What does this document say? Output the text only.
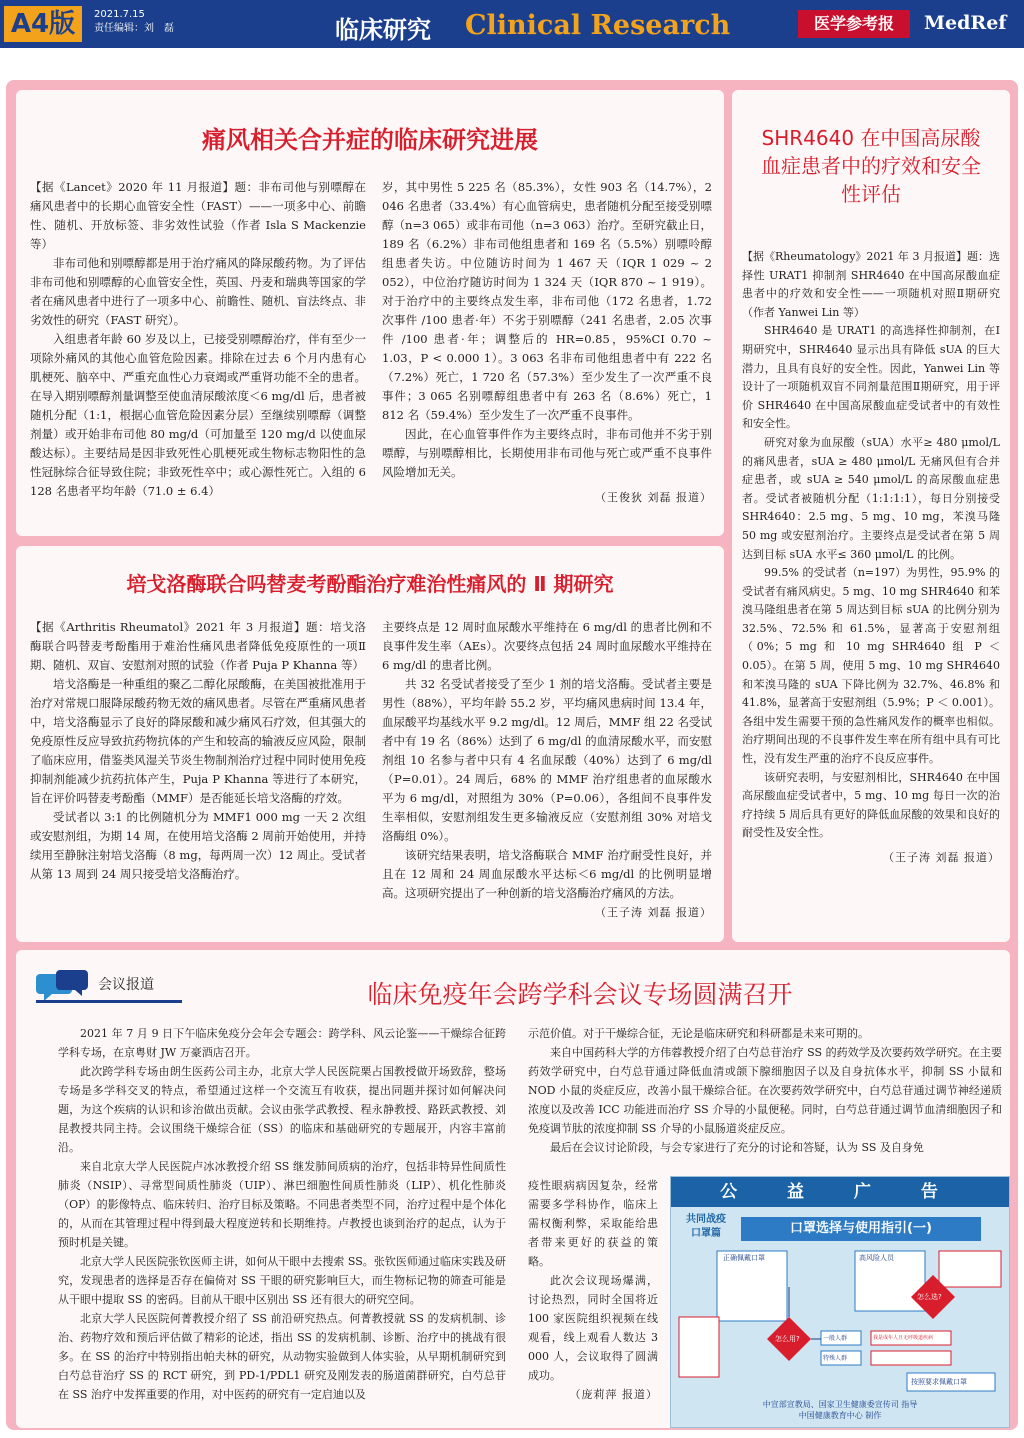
A4版	2021.7.15
责任编辑：刘　磊	临床研究 Clinical Research	医学参考报	MedRef
痛风相关合并症的临床研究进展

【据《Lancet》2020 年 11 月报道】题：非布司他与别嘌醇在痛风患者中的长期心血管安全性（FAST）——一项多中心、前瞻性、随机、开放标签、非劣效性试验（作者 Isla S Mackenzie 等）

非布司他和别嘌醇都是用于治疗痛风的降尿酸药物。为了评估非布司他和别嘌醇的心血管安全性，英国、丹麦和瑞典等国家的学者在痛风患者中进行了一项多中心、前瞻性、随机、盲法终点、非劣效性的研究（FAST 研究）。

入组患者年龄 60 岁及以上，已接受别嘌醇治疗，伴有至少一项除外痛风的其他心血管危险因素。排除在过去 6 个月内患有心肌梗死、脑卒中、严重充血性心力衰竭或严重肾功能不全的患者。在导入期别嘌醇剂量调整至使血清尿酸浓度＜6 mg/dl 后，患者被随机分配（1:1，根据心血管危险因素分层）至继续别嘌醇（调整剂量）或开始非布司他 80 mg/d（可加量至 120 mg/d 以使血尿酸达标）。主要结局是因非致死性心肌梗死或生物标志物阳性的急性冠脉综合征导致住院；非致死性卒中；或心源性死亡。入组的 6 128 名患者平均年龄（71.0 ± 6.4）

岁，其中男性 5 225 名（85.3%），女性 903 名（14.7%），2 046 名患者（33.4%）有心血管病史，患者随机分配至接受别嘌醇（n=3 065）或非布司他（n=3 063）治疗。至研究截止日，189 名（6.2%）非布司他组患者和 169 名（5.5%）别嘌呤醇组患者失访。中位随访时间为 1 467 天（IQR 1 029 ~ 2 052），中位治疗随访时间为 1 324 天（IQR 870 ~ 1 919）。对于治疗中的主要终点发生率，非布司他（172 名患者，1.72 次事件 /100 患者·年）不劣于别嘌醇（241 名患者，2.05 次事件 /100 患者·年；调整后的 HR=0.85，95%CI 0.70 ~ 1.03，P < 0.000 1）。3 063 名非布司他组患者中有 222 名（7.2%）死亡，1 720 名（57.3%）至少发生了一次严重不良事件；3 065 名别嘌醇组患者中有 263 名（8.6%）死亡，1 812 名（59.4%）至少发生了一次严重不良事件。

因此，在心血管事件作为主要终点时，非布司他并不劣于别嘌醇，与别嘌醇相比，长期使用非布司他与死亡或严重不良事件风险增加无关。

（王俊狄 刘磊 报道）

培戈洛酶联合吗替麦考酚酯治疗难治性痛风的 Ⅱ 期研究

【据《Arthritis Rheumatol》2021 年 3 月报道】题：培戈洛酶联合吗替麦考酚酯用于难治性痛风患者降低免疫原性的一项Ⅱ期、随机、双盲、安慰剂对照的试验（作者 Puja P Khanna 等）

培戈洛酶是一种重组的聚乙二醇化尿酸酶，在美国被批准用于治疗对常规口服降尿酸药物无效的痛风患者。尽管在严重痛风患者中，培戈洛酶显示了良好的降尿酸和减少痛风石疗效，但其强大的免疫原性反应导致抗药物抗体的产生和较高的输液反应风险，限制了临床应用，借鉴类风湿关节炎生物制剂治疗过程中同时使用免疫抑制剂能减少抗药抗体产生，Puja P Khanna 等进行了本研究，旨在评价吗替麦考酚酯（MMF）是否能延长培戈洛酶的疗效。

受试者以 3:1 的比例随机分为 MMF1 000 mg 一天 2 次组或安慰剂组，为期 14 周，在使用培戈洛酶 2 周前开始使用，并持续用至静脉注射培戈洛酶（8 mg，每两周一次）12 周止。受试者从第 13 周到 24 周只接受培戈洛酶治疗。

主要终点是 12 周时血尿酸水平维持在 6 mg/dl 的患者比例和不良事件发生率（AEs）。次要终点包括 24 周时血尿酸水平维持在 6 mg/dl 的患者比例。

共 32 名受试者接受了至少 1 剂的培戈洛酶。受试者主要是男性（88%），平均年龄 55.2 岁，平均痛风患病时间 13.4 年，血尿酸平均基线水平 9.2 mg/dl。12 周后，MMF 组 22 名受试者中有 19 名（86%）达到了 6 mg/dl 的血清尿酸水平，而安慰剂组 10 名参与者中只有 4 名血尿酸（40%）达到了 6 mg/dl（P=0.01）。24 周后，68% 的 MMF 治疗组患者的血尿酸水平为 6 mg/dl，对照组为 30%（P=0.06），各组间不良事件发生率相似，安慰剂组发生更多输液反应（安慰剂组 30% 对培戈洛酶组 0%）。

该研究结果表明，培戈洛酶联合 MMF 治疗耐受性良好，并且在 12 周和 24 周血尿酸水平达标＜6 mg/dl 的比例明显增高。这项研究提出了一种创新的培戈洛酶治疗痛风的方法。

（王子涛 刘磊 报道）

SHR4640 在中国高尿酸血症患者中的疗效和安全性评估

【据《Rheumatology》2021 年 3 月报道】题：选择性 URAT1 抑制剂 SHR4640 在中国高尿酸血症患者中的疗效和安全性——一项随机对照Ⅱ期研究（作者 Yanwei Lin 等）

SHR4640 是 URAT1 的高选择性抑制剂，在Ⅰ期研究中，SHR4640 显示出具有降低 sUA 的巨大潜力，且具有良好的安全性。因此，Yanwei Lin 等设计了一项随机双盲不同剂量范围Ⅱ期研究，用于评价 SHR4640 在中国高尿酸血症受试者中的有效性和安全性。

研究对象为血尿酸（sUA）水平≥ 480 μmol/L 的痛风患者，sUA ≥ 480 μmol/L 无痛风但有合并症患者，或 sUA ≥ 540 μmol/L 的高尿酸血症患者。受试者被随机分配（1:1:1:1），每日分别接受 SHR4640：2.5 mg、5 mg、10 mg，苯溴马隆 50 mg 或安慰剂治疗。主要终点是受试者在第 5 周达到目标 sUA 水平≤ 360 μmol/L 的比例。

99.5% 的受试者（n=197）为男性，95.9% 的受试者有痛风病史。5 mg、10 mg SHR4640 和苯溴马隆组患者在第 5 周达到目标 sUA 的比例分别为 32.5%、72.5% 和 61.5%，显著高于安慰剂组（0%；5 mg 和 10 mg SHR4640 组 P ＜ 0.05）。在第 5 周，使用 5 mg、10 mg SHR4640 和苯溴马隆的 sUA 下降比例为 32.7%、46.8% 和 41.8%，显著高于安慰剂组（5.9%；P ＜ 0.001）。各组中发生需要干预的急性痛风发作的概率也相似。治疗期间出现的不良事件发生率在所有组中具有可比性，没有发生严重的治疗不良反应事件。

该研究表明，与安慰剂相比，SHR4640 在中国高尿酸血症受试者中，5 mg、10 mg 每日一次的治疗持续 5 周后具有更好的降低血尿酸的效果和良好的耐受性及安全性。

（王子涛 刘磊 报道）

会议报道	临床免疫年会跨学科会议专场圆满召开

2021 年 7 月 9 日下午临床免疫分会年会专题会：跨学科、风云论鉴——干燥综合征跨学科专场，在京粤财 JW 万豪酒店召开。

此次跨学科专场由朗生医药公司主办，北京大学人民医院栗占国教授做开场致辞，整场专场是多学科交叉的特点，希望通过这样一个交流互有收获，提出同题并探讨如何解决问题，为这个疾病的认识和诊治做出贡献。会议由张学武教授、程永静教授、路跃武教授、刘昆教授共同主持。会议围绕干燥综合征（SS）的临床和基础研究的专题展开，内容丰富前沿。

来自北京大学人民医院卢冰冰教授介绍 SS 继发肺间质病的治疗，包括非特异性间质性肺炎（NSIP）、寻常型间质性肺炎（UIP）、淋巴细胞性间质性肺炎（LIP）、机化性肺炎（OP）的影像特点、临床转归、治疗目标及策略。不同患者类型不同，治疗过程中是个体化的，从而在其管理过程中得到最大程度逆转和长期维持。卢教授也谈到治疗的起点，认为于预时机是关键。

北京大学人民医院张钦医师主讲，如何从干眼中去搜索 SS。张钦医师通过临床实践及研究，发现患者的选择是否存在偏倚对 SS 干眼的研究影响巨大，而生物标记物的筛查可能是从干眼中提取 SS 的密码。目前从干眼中区别出 SS 还有很大的研究空间。

北京大学人民医院何菁教授介绍了 SS 前沿研究热点。何菁教授就 SS 的发病机制、诊治、药物疗效和预后评估做了精彩的论述，指出 SS 的发病机制、诊断、治疗中的挑战有很多。在 SS 的治疗中特别指出帕夫林的研究，从动物实验做到人体实验，从早期机制研究到白芍总苷治疗 SS 的 RCT 研究，到 PD-1/PDL1 研究及刚发表的肠道菌群研究，白芍总苷在 SS 治疗中发挥重要的作用，对中医药的研究有一定启迪以及

示范价值。对于干燥综合征，无论是临床研究和科研都是未来可期的。

来自中国药科大学的方伟蓉教授介绍了白芍总苷治疗 SS 的药效学及次要药效学研究。在主要药效学研究中，白芍总苷通过降低血清或颌下腺细胞因子以及自身抗体水平，抑制 SS 小鼠和 NOD 小鼠的炎症反应，改善小鼠干燥综合征。在次要药效学研究中，白芍总苷通过调节神经递质浓度以及改善 ICC 功能进而治疗 SS 介导的小鼠便秘。同时，白芍总苷通过调节血清细胞因子和免疫调节肽的浓度抑制 SS 介导的小鼠肠道炎症反应。

最后在会议讨论阶段，与会专家进行了充分的讨论和答疑，认为 SS 及自身免

疫性眼病病因复杂，经常需要多学科协作，临床上需权衡利弊，采取能给患者带来更好的获益的策略。

此次会议现场爆满，讨论热烈，同时全国将近 100 家医院组织视频在线观看，线上观看人数达 3 000 人，会议取得了圆满成功。

（庞莉萍 报道）

公 益 广 告
共同战疫 口罩篇	口罩选择与使用指引(一)
正确佩戴口罩	高风险人员
怎么选?
怎么用?	一般人群
特殊人群
我是成年人且无呼吸道疾病
按照要求佩戴口罩
中宣部宣教局、国家卫生健康委宣传司 指导
中国健康教育中心 制作
